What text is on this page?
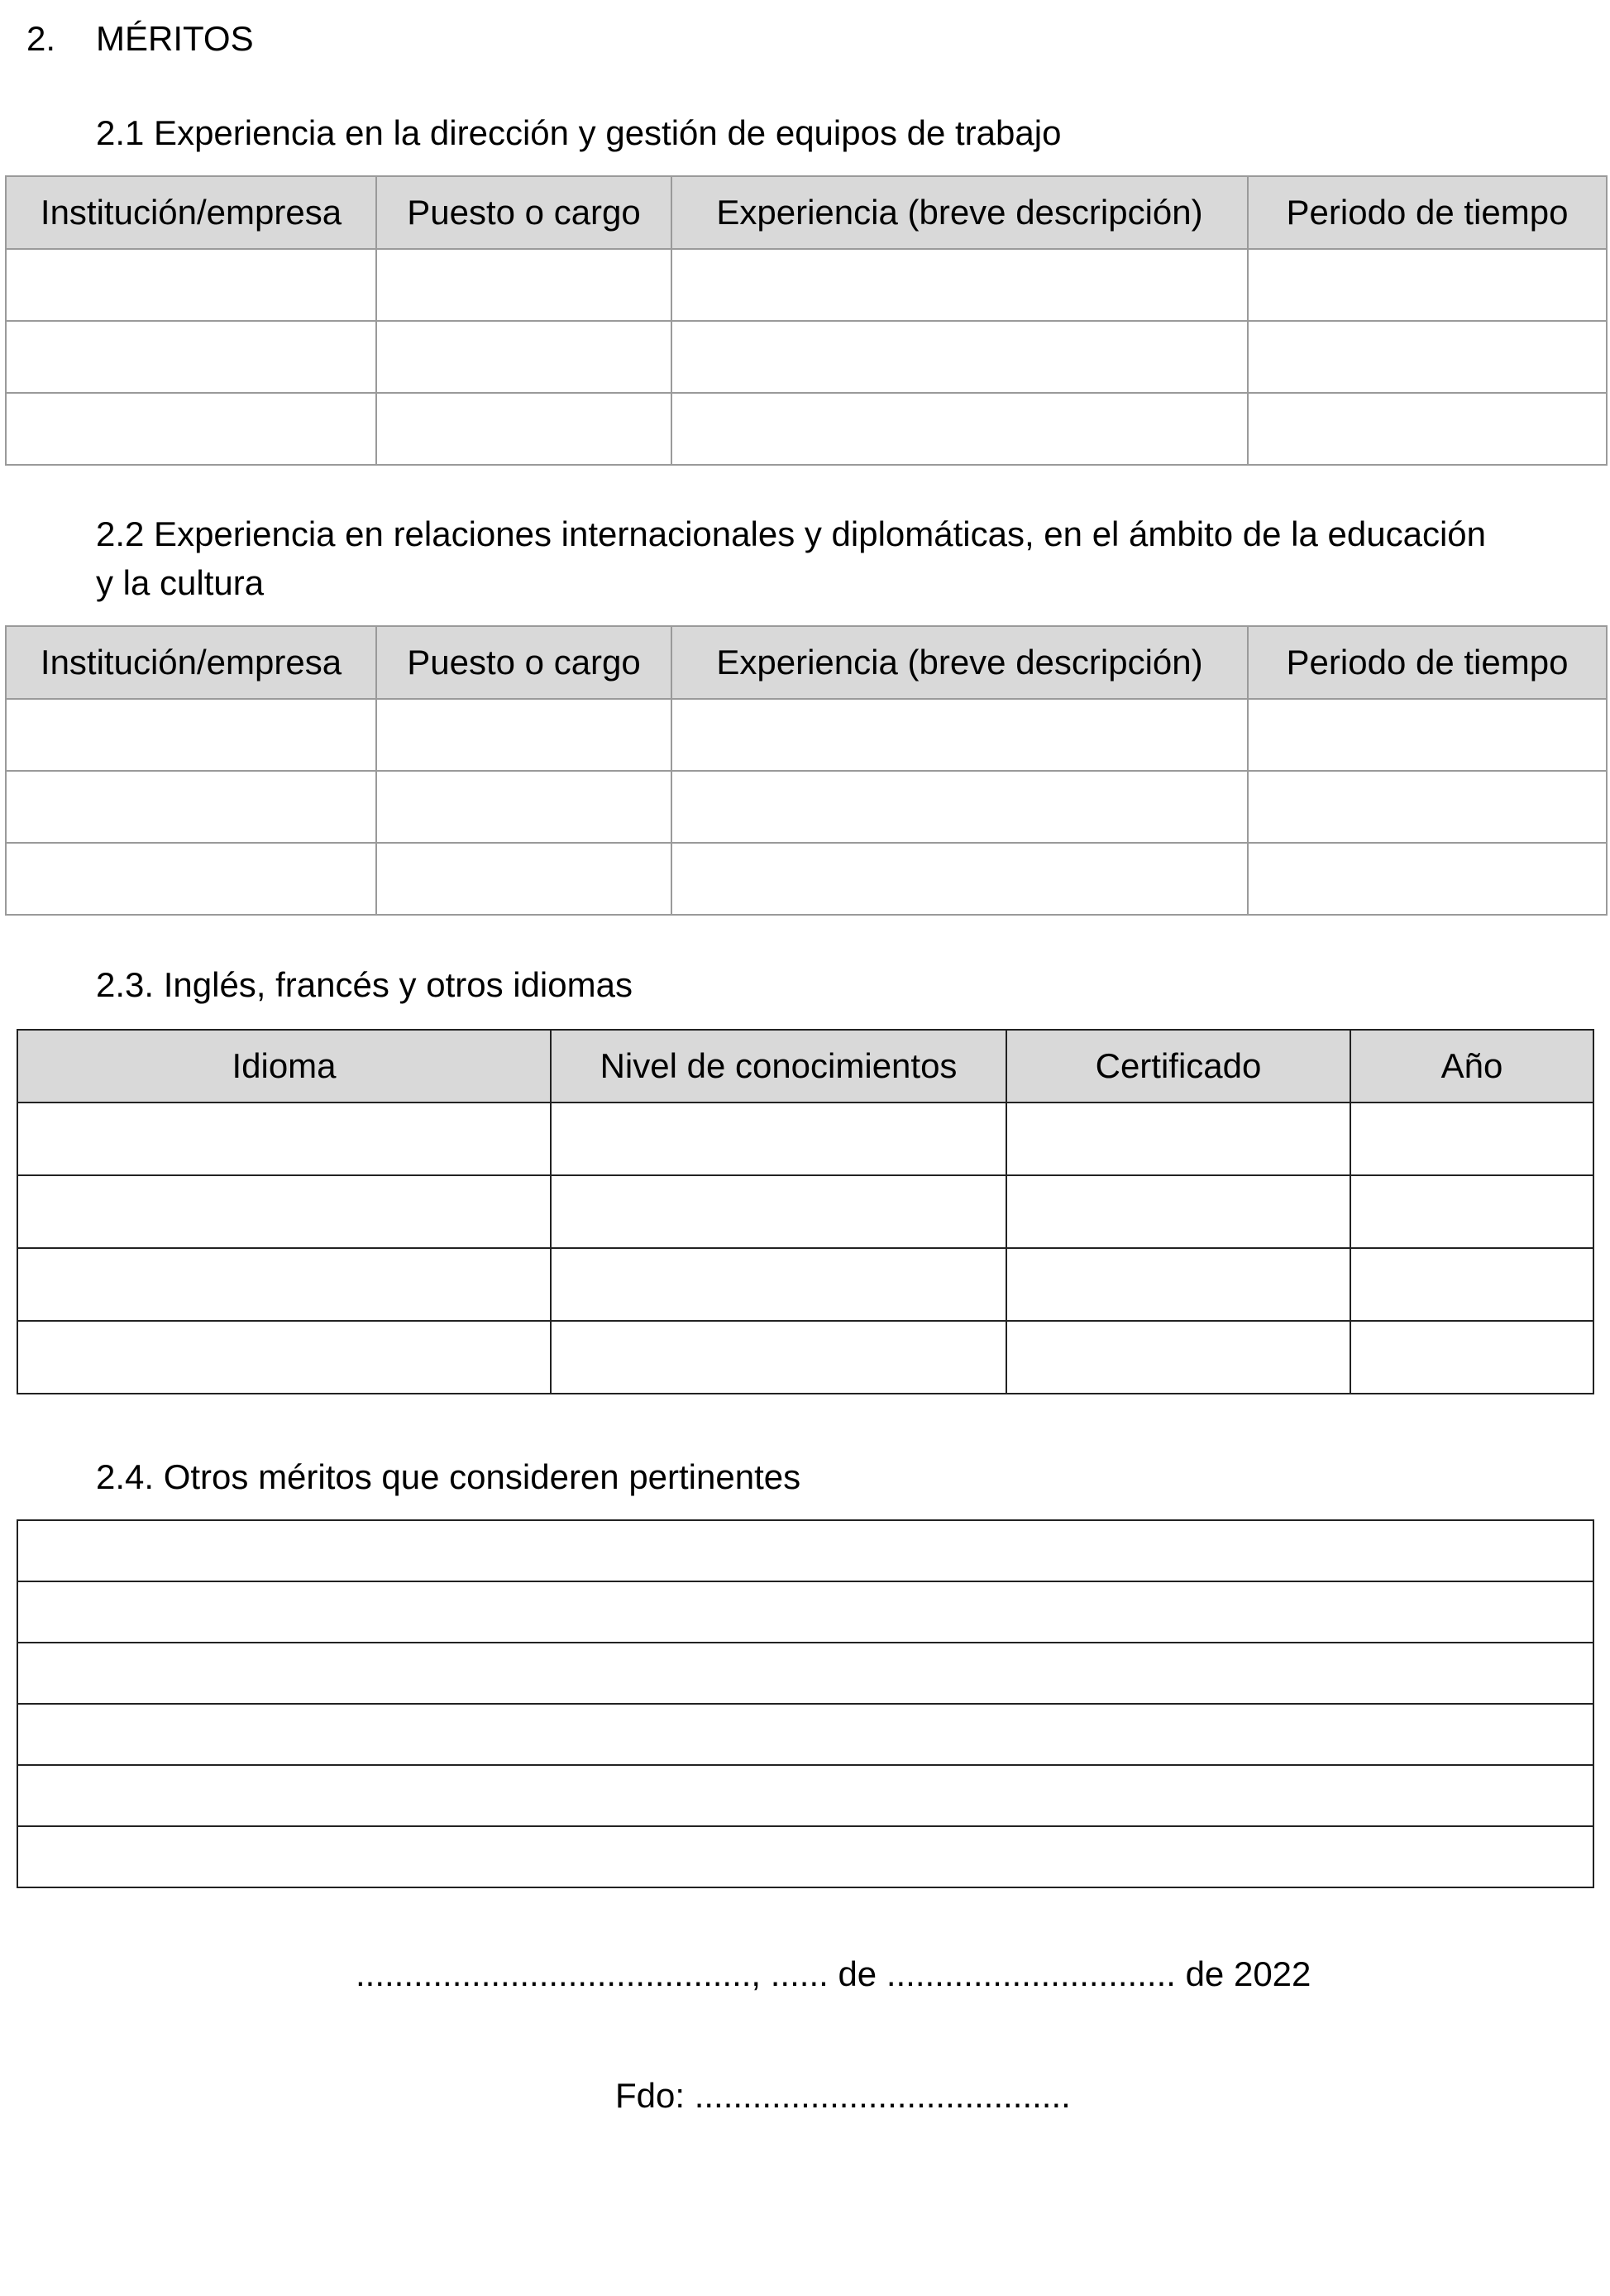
2. MÉRITOS
2.1 Experiencia en la dirección y gestión de equipos de trabajo
Institución/empresa	Puesto o cargo	Experiencia (breve descripción)	Periodo de tiempo

2.2 Experiencia en relaciones internacionales y diplomáticas, en el ámbito de la educación
y la cultura
Institución/empresa	Puesto o cargo	Experiencia (breve descripción)	Periodo de tiempo

2.3. Inglés, francés y otros idiomas
Idioma	Nivel de conocimientos	Certificado	Año

2.4. Otros méritos que consideren pertinentes

........................................., ...... de .............................. de 2022
Fdo: .......................................
